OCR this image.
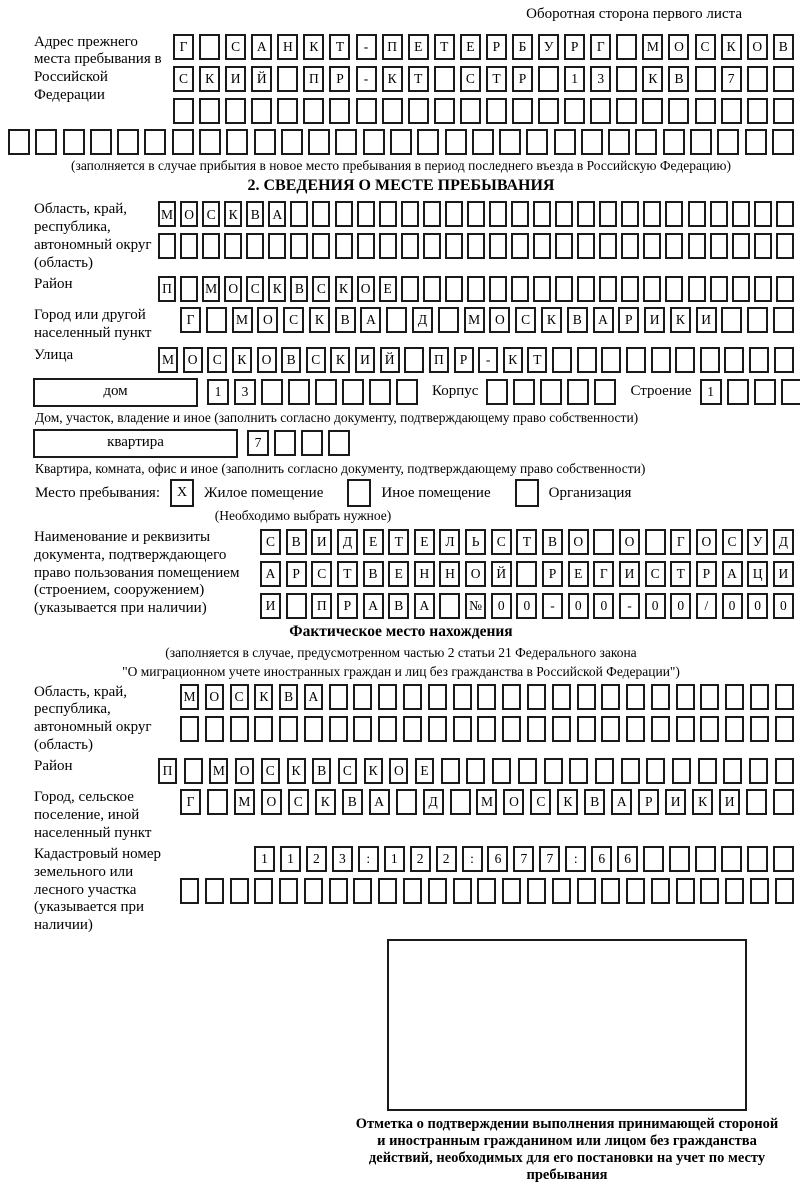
Оборотная сторона первого листа
Адрес прежнего места пребывания в Российской Федерации
Г	С	А	Н	К	Т	-	П	Е	Т	Е	Р	Б	У	Р	Г	М	О	С	К	О	В
С	К	И	Й	П	Р	-	К	Т	С	Т	Р	1	3	К	В	7
(заполняется в случае прибытия в новое место пребывания в период последнего въезда в Российскую Федерацию)
2. СВЕДЕНИЯ О МЕСТЕ ПРЕБЫВАНИЯ
Область, край, республика, автономный округ (область)
М О С К В А
Район	П	М О С К В С К О Е
Город или другой населенный пункт
Г	М	О	С	К	В	А	Д	М	О	С	К	В	А	Р	И	К	И
Улица	М	О	С	К	О	В	С	К	И	Й	П	Р	-	К	Т
дом	1	3	Корпус	Строение	1
Дом, участок, владение и иное (заполнить согласно документу, подтверждающему право собственности)
квартира	7
Квартира, комната, офис и иное (заполнить согласно документу, подтверждающему право собственности)
Место пребывания:	X	Жилое помещение	Иное помещение	Организация
(Необходимо выбрать нужное)
Наименование и реквизиты документа, подтверждающего право пользования помещением (строением, сооружением) (указывается при наличии)
С	В	И	Д	Е	Т	Е	Л	Ь	С	Т	В	О	О	Г	О	С	У	Д
А	Р	С	Т	В	Е	Н	Н	О	Й	Р	Е	Г	И	С	Т	Р	А	Ц	И
И	П	Р	А	В	А	№	0	0	-	0	0	-	0	0	/	0	0	0
Фактическое место нахождения
(заполняется в случае, предусмотренном частью 2 статьи 21 Федерального закона
"О миграционном учете иностранных граждан и лиц без гражданства в Российской Федерации")
Область, край, республика, автономный округ (область)
М	О	С	К	В	А
Район	П	М	О	С	К	В	С	К	О	Е
Город, сельское поселение, иной населенный пункт
Г	М	О	С	К	В	А	Д	М	О	С	К	В	А	Р	И	К	И
Кадастровый номер земельного или лесного участка (указывается при наличии)
1	1	2	3	:	1	2	2	:	6	7	7	:	6	6
Отметка о подтверждении выполнения принимающей стороной и иностранным гражданином или лицом без гражданства действий, необходимых для его постановки на учет по месту пребывания
